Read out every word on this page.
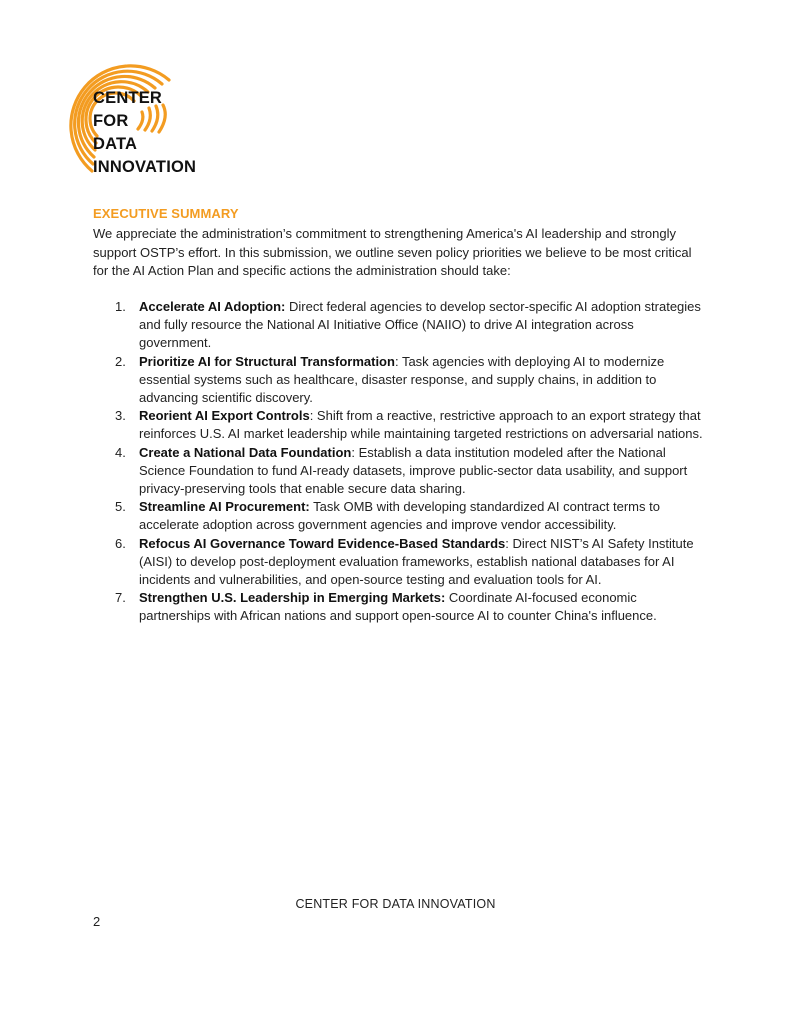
CENTER
FOR
DATA
INNOVATION
EXECUTIVE SUMMARY

We appreciate the administration’s commitment to strengthening America's AI leadership and strongly support OSTP’s effort. In this submission, we outline seven policy priorities we believe to be most critical for the AI Action Plan and specific actions the administration should take:

1. Accelerate AI Adoption: Direct federal agencies to develop sector-specific AI adoption strategies and fully resource the National AI Initiative Office (NAIIO) to drive AI integration across government.
2. Prioritize AI for Structural Transformation: Task agencies with deploying AI to modernize essential systems such as healthcare, disaster response, and supply chains, in addition to advancing scientific discovery.
3. Reorient AI Export Controls: Shift from a reactive, restrictive approach to an export strategy that reinforces U.S. AI market leadership while maintaining targeted restrictions on adversarial nations.
4. Create a National Data Foundation: Establish a data institution modeled after the National Science Foundation to fund AI-ready datasets, improve public-sector data usability, and support privacy-preserving tools that enable secure data sharing.
5. Streamline AI Procurement: Task OMB with developing standardized AI contract terms to accelerate adoption across government agencies and improve vendor accessibility.
6. Refocus AI Governance Toward Evidence-Based Standards: Direct NIST’s AI Safety Institute (AISI) to develop post-deployment evaluation frameworks, establish national databases for AI incidents and vulnerabilities, and open-source testing and evaluation tools for AI.
7. Strengthen U.S. Leadership in Emerging Markets: Coordinate AI-focused economic partnerships with African nations and support open-source AI to counter China's influence.
CENTER FOR DATA INNOVATION
2
